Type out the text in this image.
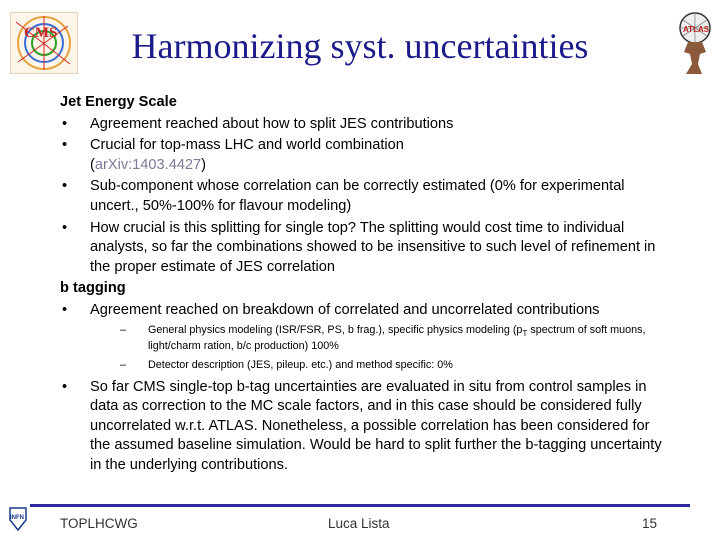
CMS	ATLAS
Harmonizing syst. uncertainties

Jet Energy Scale

• Agreement reached about how to split JES contributions
• Crucial for top-mass LHC and world combination
(arXiv:1403.4427)
• Sub-component whose correlation can be correctly estimated (0% for experimental uncert., 50%-100% for flavour modeling)
• How crucial is this splitting for single top? The splitting would cost time to individual analysts, so far the combinations showed to be insensitive to such level of refinement in the proper estimate of JES correlation

b tagging

• Agreement reached on breakdown of correlated and uncorrelated contributions
– General physics modeling (ISR/FSR, PS, b frag.), specific physics modeling ($p_T$ spectrum of soft muons, light/charm ration, b/c production) 100%
– Detector description (JES, pileup. etc.) and method specific: 0%
• So far CMS single-top b-tag uncertainties are evaluated in situ from control samples in data as correction to the MC scale factors, and in this case should be considered fully uncorrelated w.r.t. ATLAS. Nonetheless, a possible correlation has been considered for the assumed baseline simulation. Would be hard to split further the b-tagging uncertainty in the underlying contributions.
INFN	TOPLHCWG	Luca Lista	15
